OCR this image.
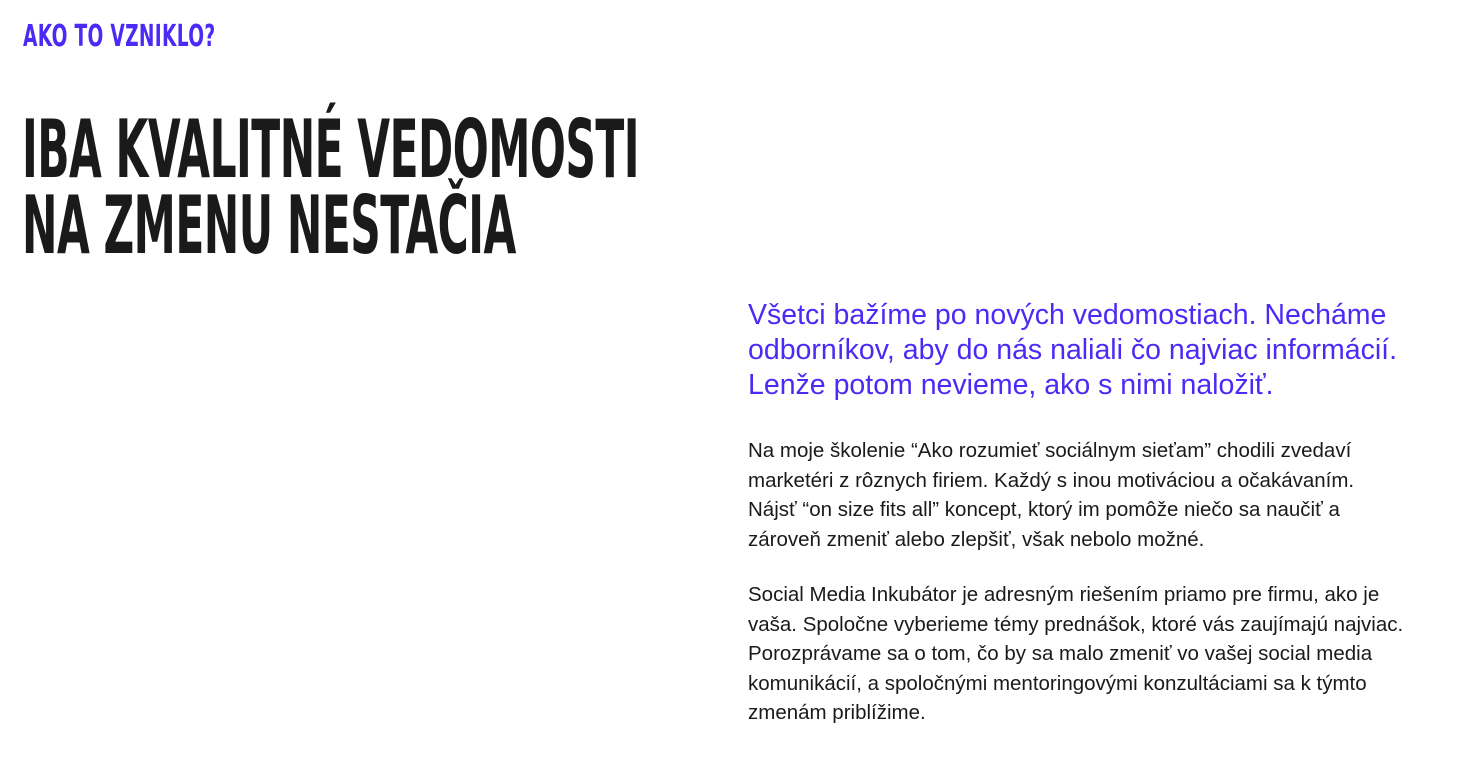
AKO TO VZNIKLO?
IBA KVALITNÉ VEDOMOSTI
NA ZMENU NESTAČIA

Všetci bažíme po nových vedomostiach. Necháme
odborníkov, aby do nás naliali čo najviac informácií.
Lenže potom nevieme, ako s nimi naložiť.

Na moje školenie “Ako rozumieť sociálnym sieťam” chodili zvedaví
marketéri z rôznych firiem. Každý s inou motiváciou a očakávaním.
Nájsť “on size fits all” koncept, ktorý im pomôže niečo sa naučiť a
zároveň zmeniť alebo zlepšiť, však nebolo možné.

Social Media Inkubátor je adresným riešením priamo pre firmu, ako je
vaša. Spoločne vyberieme témy prednášok, ktoré vás zaujímajú najviac.
Porozprávame sa o tom, čo by sa malo zmeniť vo vašej social media
komunikácií, a spoločnými mentoringovými konzultáciami sa k týmto
zmenám priblížime.
